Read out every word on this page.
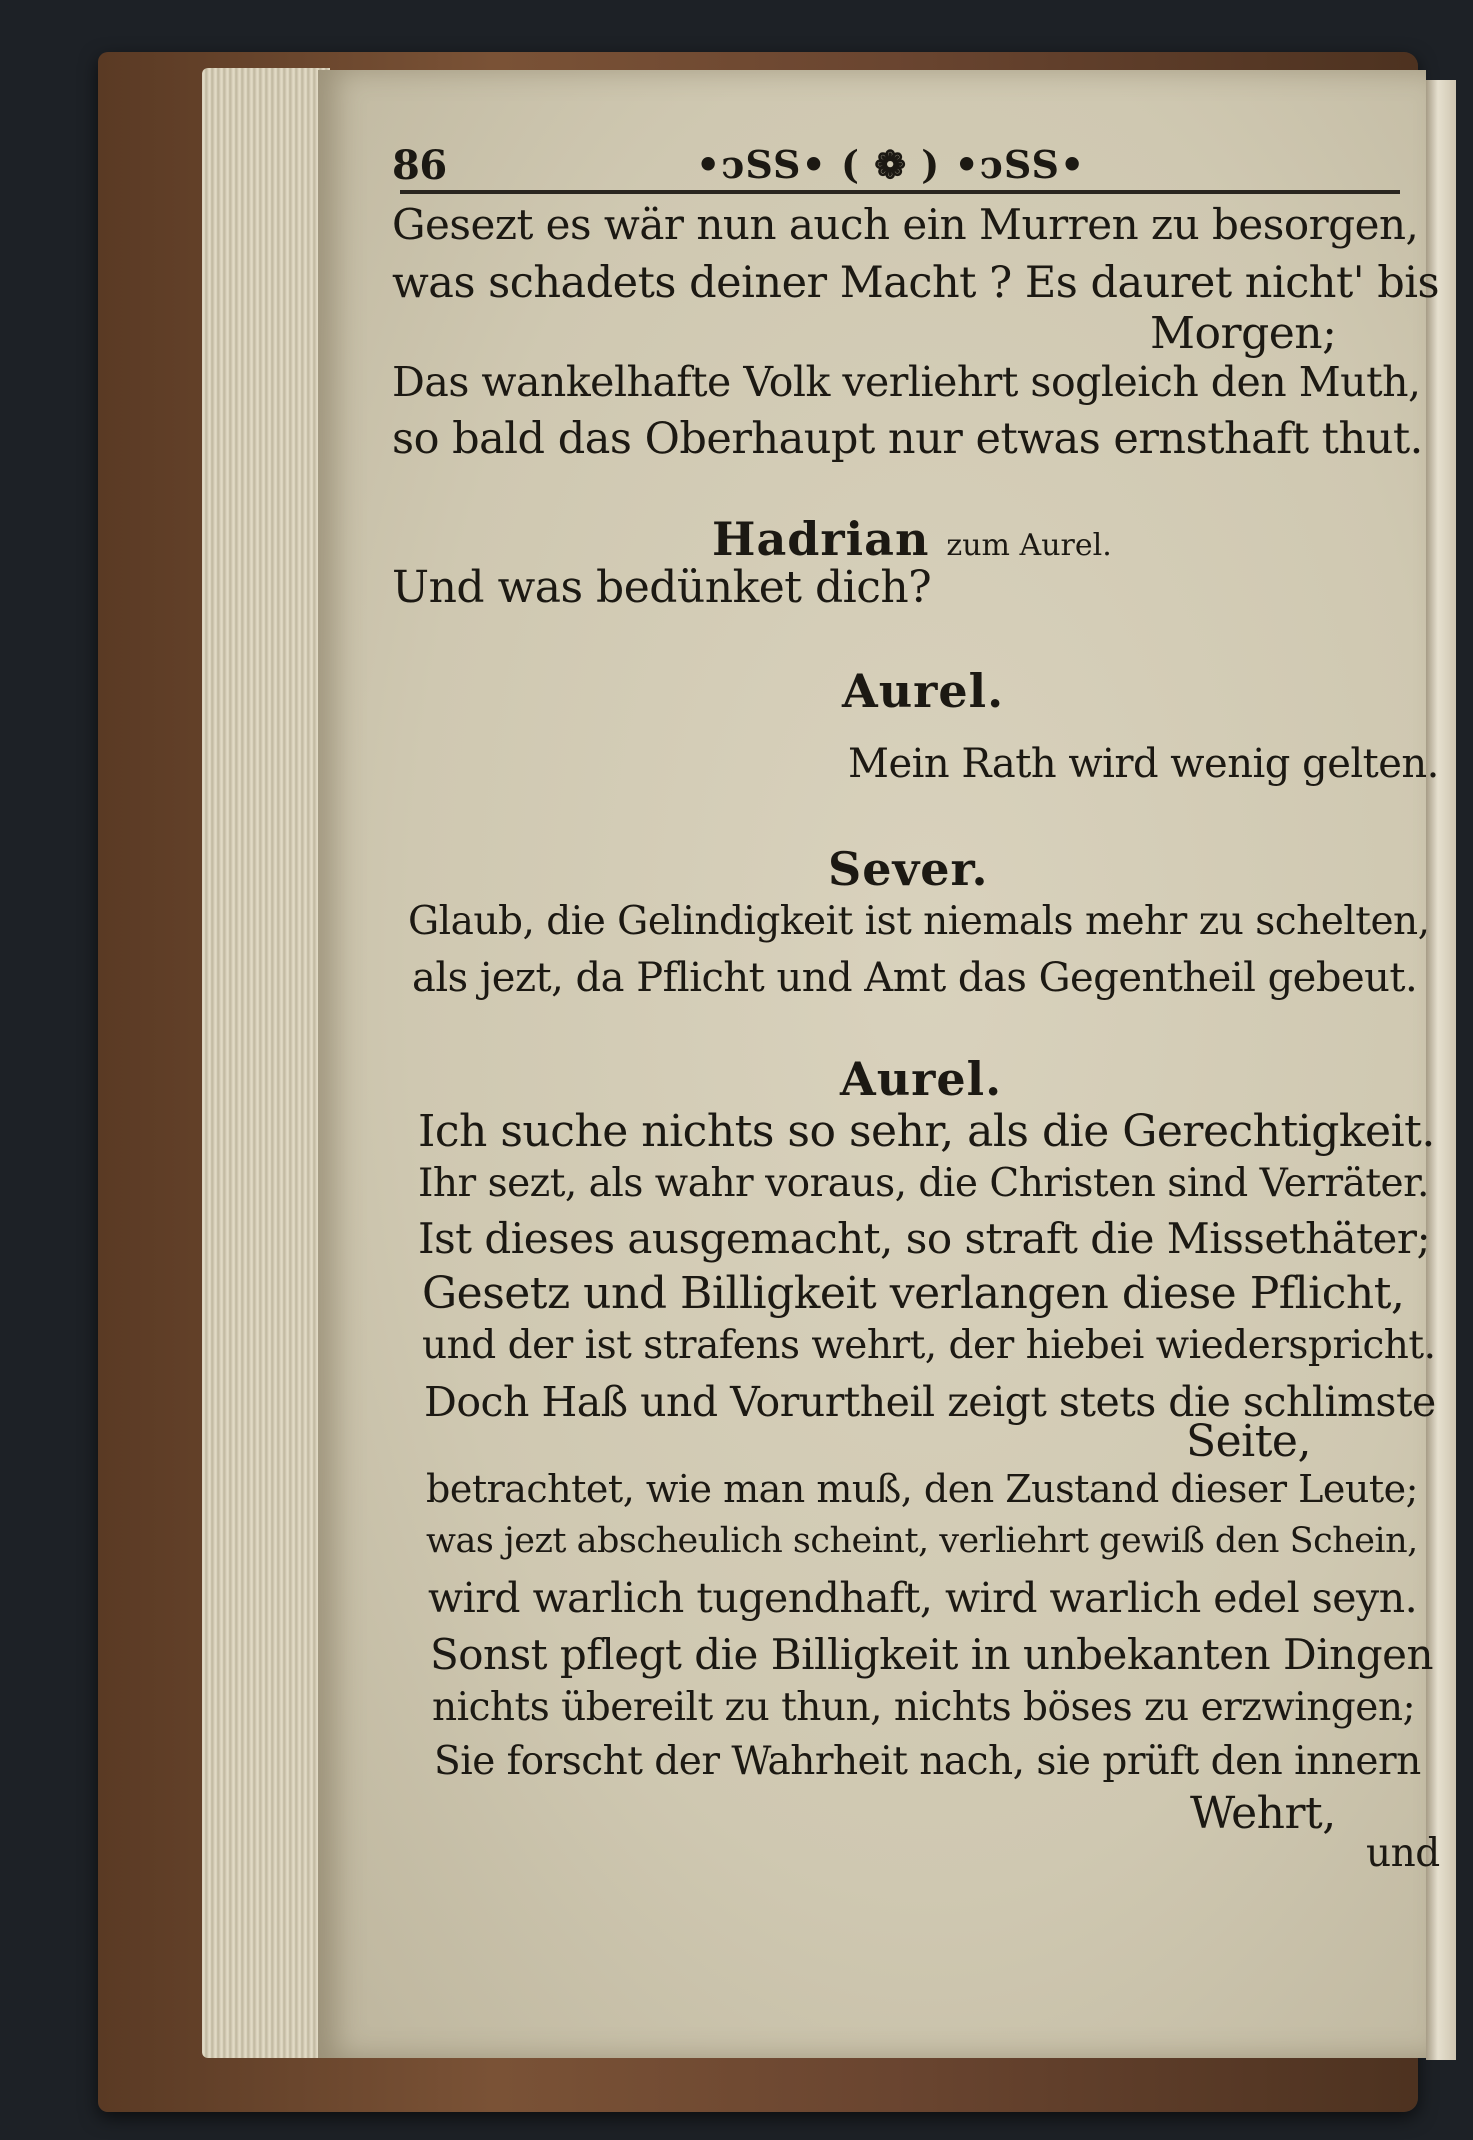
86	•ↄSS• ( ❁ ) •ↄSS•
Gesezt es wär nun auch ein Murren zu besorgen,
was schadets deiner Macht ? Es dauret nicht' bis
Morgen;
Das wankelhafte Volk verliehrt sogleich den Muth,
so bald das Oberhaupt nur etwas ernsthaft thut.
Hadrian zum Aurel.
Und was bedünket dich?
Aurel.
Mein Rath wird wenig gelten.
Sever.
Glaub, die Gelindigkeit ist niemals mehr zu schelten,
als jezt, da Pflicht und Amt das Gegentheil gebeut.
Aurel.
Ich suche nichts so sehr, als die Gerechtigkeit.
Ihr sezt, als wahr voraus, die Christen sind Verräter.
Ist dieses ausgemacht, so straft die Missethäter;
Gesetz und Billigkeit verlangen diese Pflicht,
und der ist strafens wehrt, der hiebei wiederspricht.
Doch Haß und Vorurtheil zeigt stets die schlimste
Seite,
betrachtet, wie man muß, den Zustand dieser Leute;
was jezt abscheulich scheint, verliehrt gewiß den Schein,
wird warlich tugendhaft, wird warlich edel seyn.
Sonst pflegt die Billigkeit in unbekanten Dingen
nichts übereilt zu thun, nichts böses zu erzwingen;
Sie forscht der Wahrheit nach, sie prüft den innern
Wehrt,
und
